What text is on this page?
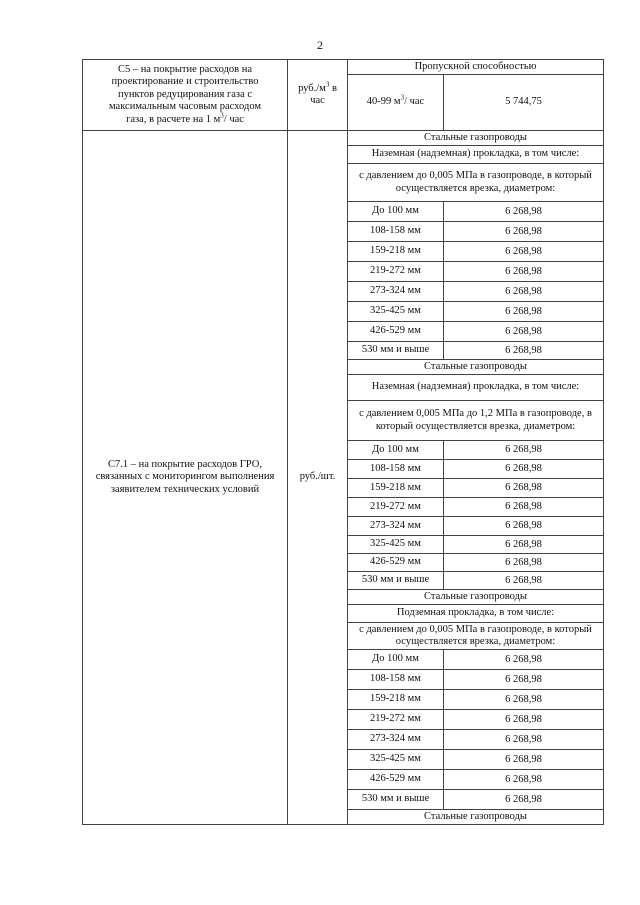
2
С5 – на покрытие расходов на
проектирование и строительство
пунктов редуцирования газа с
максимальным часовым расходом
газа, в расчете на 1 $м^3/$ час	$руб./м^3$ в
час	Пропускной способностью	
		40-99 $м^3/$ час	5 744,75
С7.1 – на покрытие расходов ГРО, связанных с мониторингом выполнения заявителем технических условий	руб./шт.	Стальные газопроводы	
		Наземная (надземная) прокладка, в том числе:	
		с давлением до 0,005 МПа в газопроводе, в который осуществляется врезка, диаметром:	
		До 100 мм	6 268,98
		108-158 мм	6 268,98
		159-218 мм	6 268,98
		219-272 мм	6 268,98
		273-324 мм	6 268,98
		325-425 мм	6 268,98
		426-529 мм	6 268,98
		530 мм и выше	6 268,98
		Стальные газопроводы	
		Наземная (надземная) прокладка, в том числе:	
		с давлением 0,005 МПа до 1,2 МПа в газопроводе, в который осуществляется врезка, диаметром:	
		До 100 мм	6 268,98
		108-158 мм	6 268,98
		159-218 мм	6 268,98
		219-272 мм	6 268,98
		273-324 мм	6 268,98
		325-425 мм	6 268,98
		426-529 мм	6 268,98
		530 мм и выше	6 268,98
		Стальные газопроводы	
		Подземная прокладка, в том числе:	
		с давлением до 0,005 МПа в газопроводе, в который осуществляется врезка, диаметром:	
		До 100 мм	6 268,98
		108-158 мм	6 268,98
		159-218 мм	6 268,98
		219-272 мм	6 268,98
		273-324 мм	6 268,98
		325-425 мм	6 268,98
		426-529 мм	6 268,98
		530 мм и выше	6 268,98
		Стальные газопроводы	
